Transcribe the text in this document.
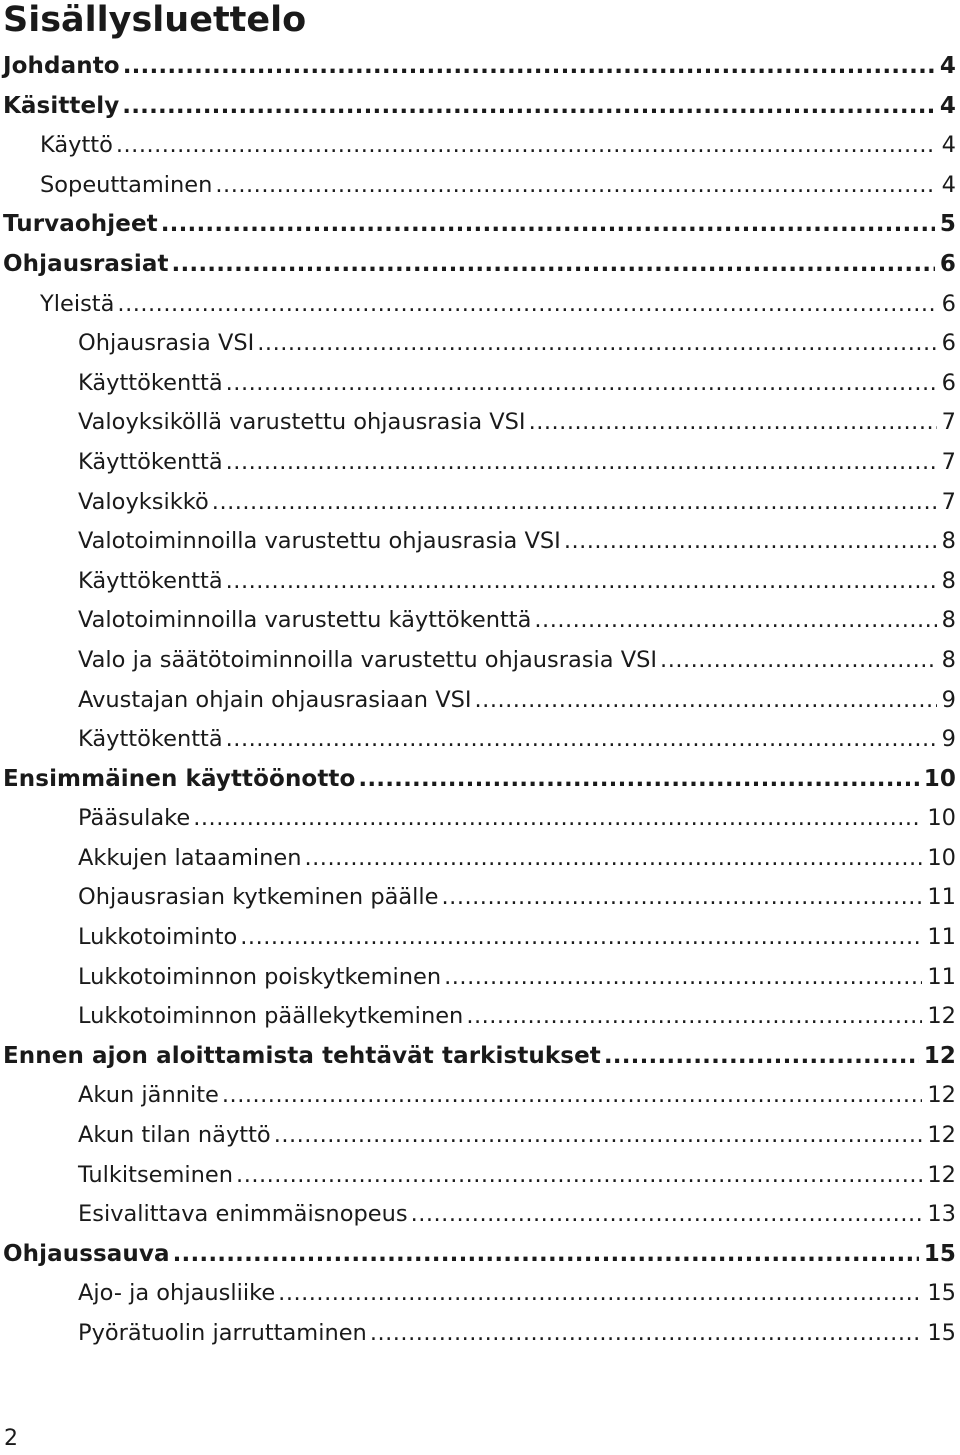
Sisällysluettelo
Johdanto .....	4
Käsittely .....	4
Käyttö .....	4
Sopeuttaminen .....	4
Turvaohjeet .....	5
Ohjausrasiat .....	6
Yleistä .....	6
Ohjausrasia VSI .....	6
Käyttökenttä .....	6
Valoyksiköllä varustettu ohjausrasia VSI .....	7
Käyttökenttä .....	7
Valoyksikkö .....	7
Valotoiminnoilla varustettu ohjausrasia VSI .....	8
Käyttökenttä .....	8
Valotoiminnoilla varustettu käyttökenttä .....	8
Valo ja säätötoiminnoilla varustettu ohjausrasia VSI .....	8
Avustajan ohjain ohjausrasiaan VSI .....	9
Käyttökenttä .....	9
Ensimmäinen käyttöönotto .....	10
Pääsulake .....	10
Akkujen lataaminen .....	10
Ohjausrasian kytkeminen päälle .....	11
Lukkotoiminto .....	11
Lukkotoiminnon poiskytkeminen .....	11
Lukkotoiminnon päällekytkeminen .....	12
Ennen ajon aloittamista tehtävät tarkistukset .....	12
Akun jännite .....	12
Akun tilan näyttö .....	12
Tulkitseminen .....	12
Esivalittava enimmäisnopeus .....	13
Ohjaussauva .....	15
Ajo- ja ohjausliike .....	15
Pyörätuolin jarruttaminen .....	15
2
